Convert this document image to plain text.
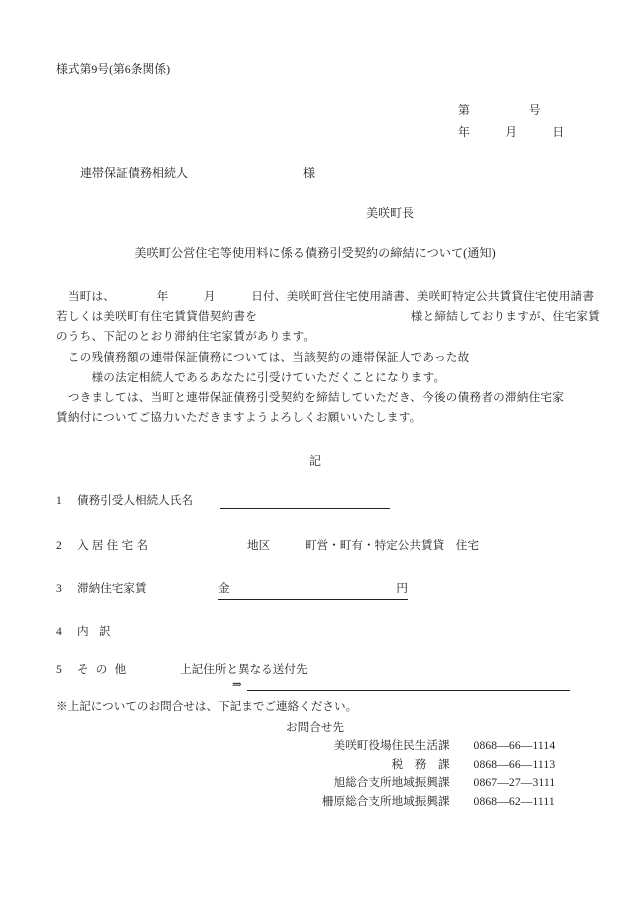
様式第9号(第6条関係)
第　　　　　号
年　　　月　　　日
連帯保証債務相続人	様
美咲町長
美咲町公営住宅等使用料に係る債務引受契約の締結について(通知)
　当町は、　　　　年　　　月　　　日付、美咲町営住宅使用請書、美咲町特定公共賃貸住宅使用請書
若しくは美咲町有住宅賃貸借契約書を　　　　　　　　　　　　　様と締結しておりますが、住宅家賃
のうち、下記のとおり滞納住宅家賃があります。
　この残債務額の連帯保証債務については、当該契約の連帯保証人であった故
　　　様の法定相続人であるあなたに引受けていただくことになります。
　つきましては、当町と連帯保証債務引受契約を締結していただき、今後の債務者の滞納住宅家
賃納付についてご協力いただきますようよろしくお願いいたします。
記
1 債務引受人相続人氏名
2 入居住宅名	地区	町営・町有・特定公共賃貸　住宅
3 滞納住宅家賃	金	円
4 内訳
5 その他	上記住所と異なる送付先
⇒
※上記についてのお問合せは、下記までご連絡ください。
お問合せ先
美咲町役場住民生活課	0868—66—1114
税　務　課	0868—66—1113
旭総合支所地域振興課	0867—27—3111
柵原総合支所地域振興課	0868—62—1111
